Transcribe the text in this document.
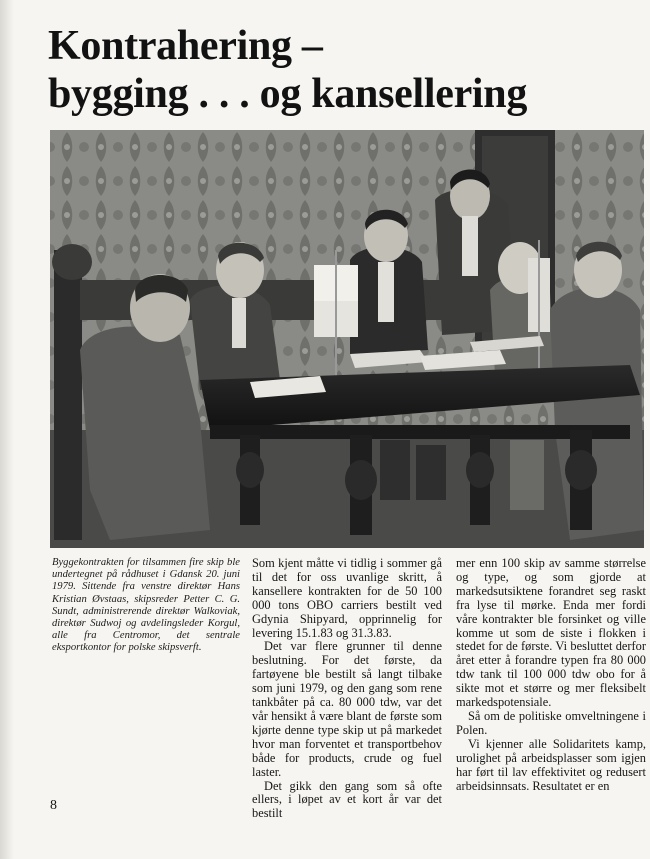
Kontrahering –
bygging . . . og kansellering
Byggekontrakten for tilsammen fire skip ble undertegnet på rådhuset i Gdansk 20. juni 1979. Sittende fra venstre direktør Hans Kristian Øvstaas, skipsreder Petter C. G. Sundt, administrerende direktør Walkoviak, direktør Sudwoj og avdelingsleder Korgul, alle fra Centromor, det sentrale eksportkontor for polske skipsverft.

Som kjent måtte vi tidlig i sommer gå til det for oss uvanlige skritt, å kansellere kontrakten for de 50 100 000 tons OBO carriers bestilt ved Gdynia Shipyard, opprinnelig for levering 15.1.83 og 31.3.83.

Det var flere grunner til denne beslutning. For det første, da fartøyene ble bestilt så langt tilbake som juni 1979, og den gang som rene tankbåter på ca. 80 000 tdw, var det vår hensikt å være blant de første som kjørte denne type skip ut på markedet hvor man forventet et transportbehov både for products, crude og fuel laster.

Det gikk den gang som så ofte ellers, i løpet av et kort år var det bestilt

mer enn 100 skip av samme størrelse og type, og som gjorde at markedsutsiktene forandret seg raskt fra lyse til mørke. Enda mer fordi våre kontrakter ble forsinket og ville komme ut som de siste i flokken i stedet for de første. Vi besluttet derfor året etter å forandre typen fra 80 000 tdw tank til 100 000 tdw obo for å sikte mot et større og mer fleksibelt markedspotensiale.

Så om de politiske omveltningene i Polen.

Vi kjenner alle Solidaritets kamp, urolighet på arbeidsplasser som igjen har ført til lav effektivitet og redusert arbeidsinnsats. Resultatet er en

8
